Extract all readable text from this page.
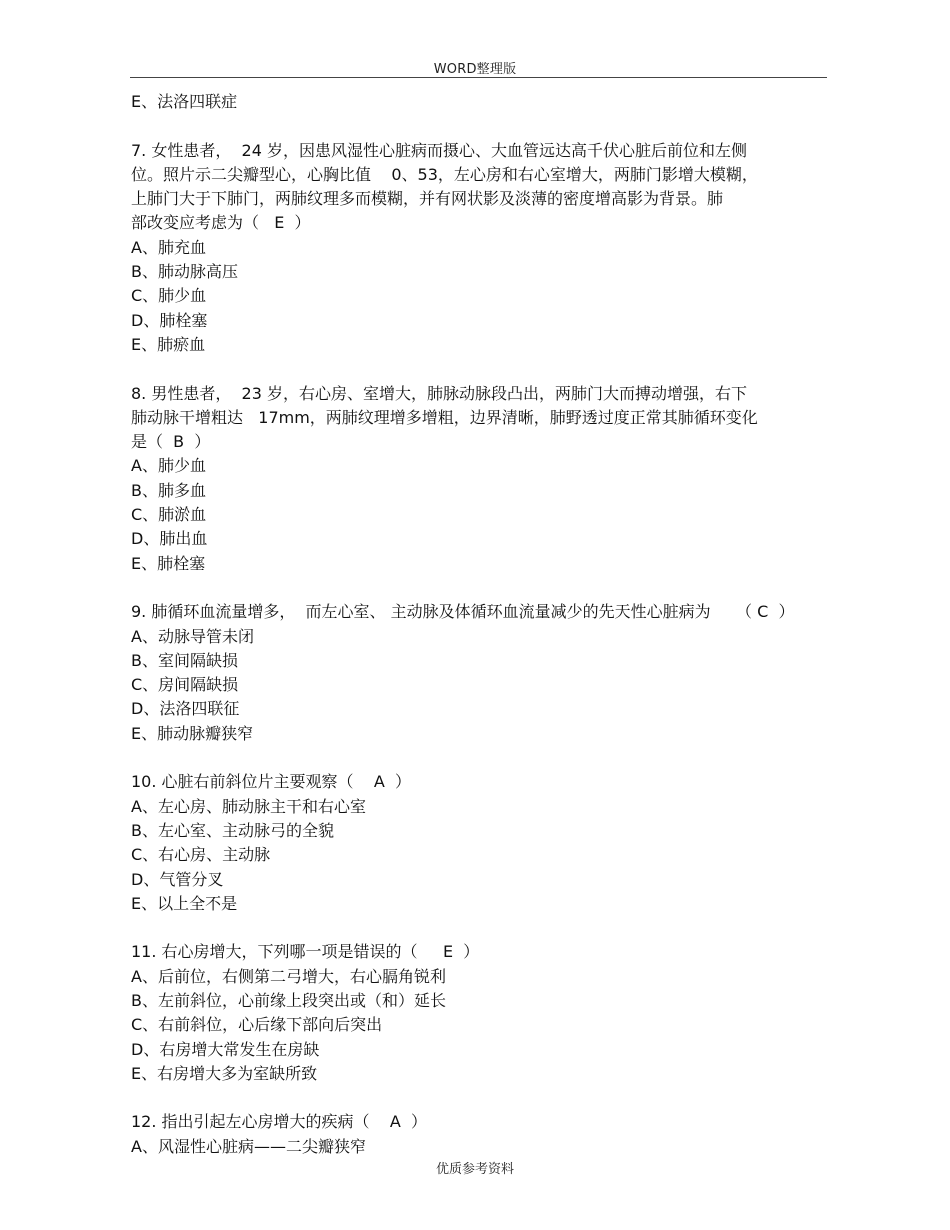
WORD整理版
E、法洛四联症
7. 女性患者，  24 岁，因患风湿性心脏病而摄心、大血管远达高千伏心脏后前位和左侧
位。照片示二尖瓣型心，心胸比值    0、53，左心房和右心室增大，两肺门影增大模糊，
上肺门大于下肺门，两肺纹理多而模糊，并有网状影及淡薄的密度增高影为背景。肺
部改变应考虑为（   E  ）
A、肺充血
B、肺动脉高压
C、肺少血
D、肺栓塞
E、肺瘀血
8. 男性患者，  23 岁，右心房、室增大，肺脉动脉段凸出，两肺门大而搏动增强，右下
肺动脉干增粗达   17mm，两肺纹理增多增粗，边界清晰，肺野透过度正常其肺循环变化
是（  B  ）
A、肺少血
B、肺多血
C、肺淤血
D、肺出血
E、肺栓塞
9. 肺循环血流量增多，  而左心室、 主动脉及体循环血流量减少的先天性心脏病为     （ C  ）
A、动脉导管未闭
B、室间隔缺损
C、房间隔缺损
D、法洛四联征
E、肺动脉瓣狭窄
10. 心脏右前斜位片主要观察（    A  ）
A、左心房、肺动脉主干和右心室
B、左心室、主动脉弓的全貌
C、右心房、主动脉
D、气管分叉
E、以上全不是
11. 右心房增大，下列哪一项是错误的（     E  ）
A、后前位，右侧第二弓增大，右心膈角锐利
B、左前斜位，心前缘上段突出或（和）延长
C、右前斜位，心后缘下部向后突出
D、右房增大常发生在房缺
E、右房增大多为室缺所致
12. 指出引起左心房增大的疾病（    A  ）
A、风湿性心脏病——二尖瓣狭窄
优质参考资料
